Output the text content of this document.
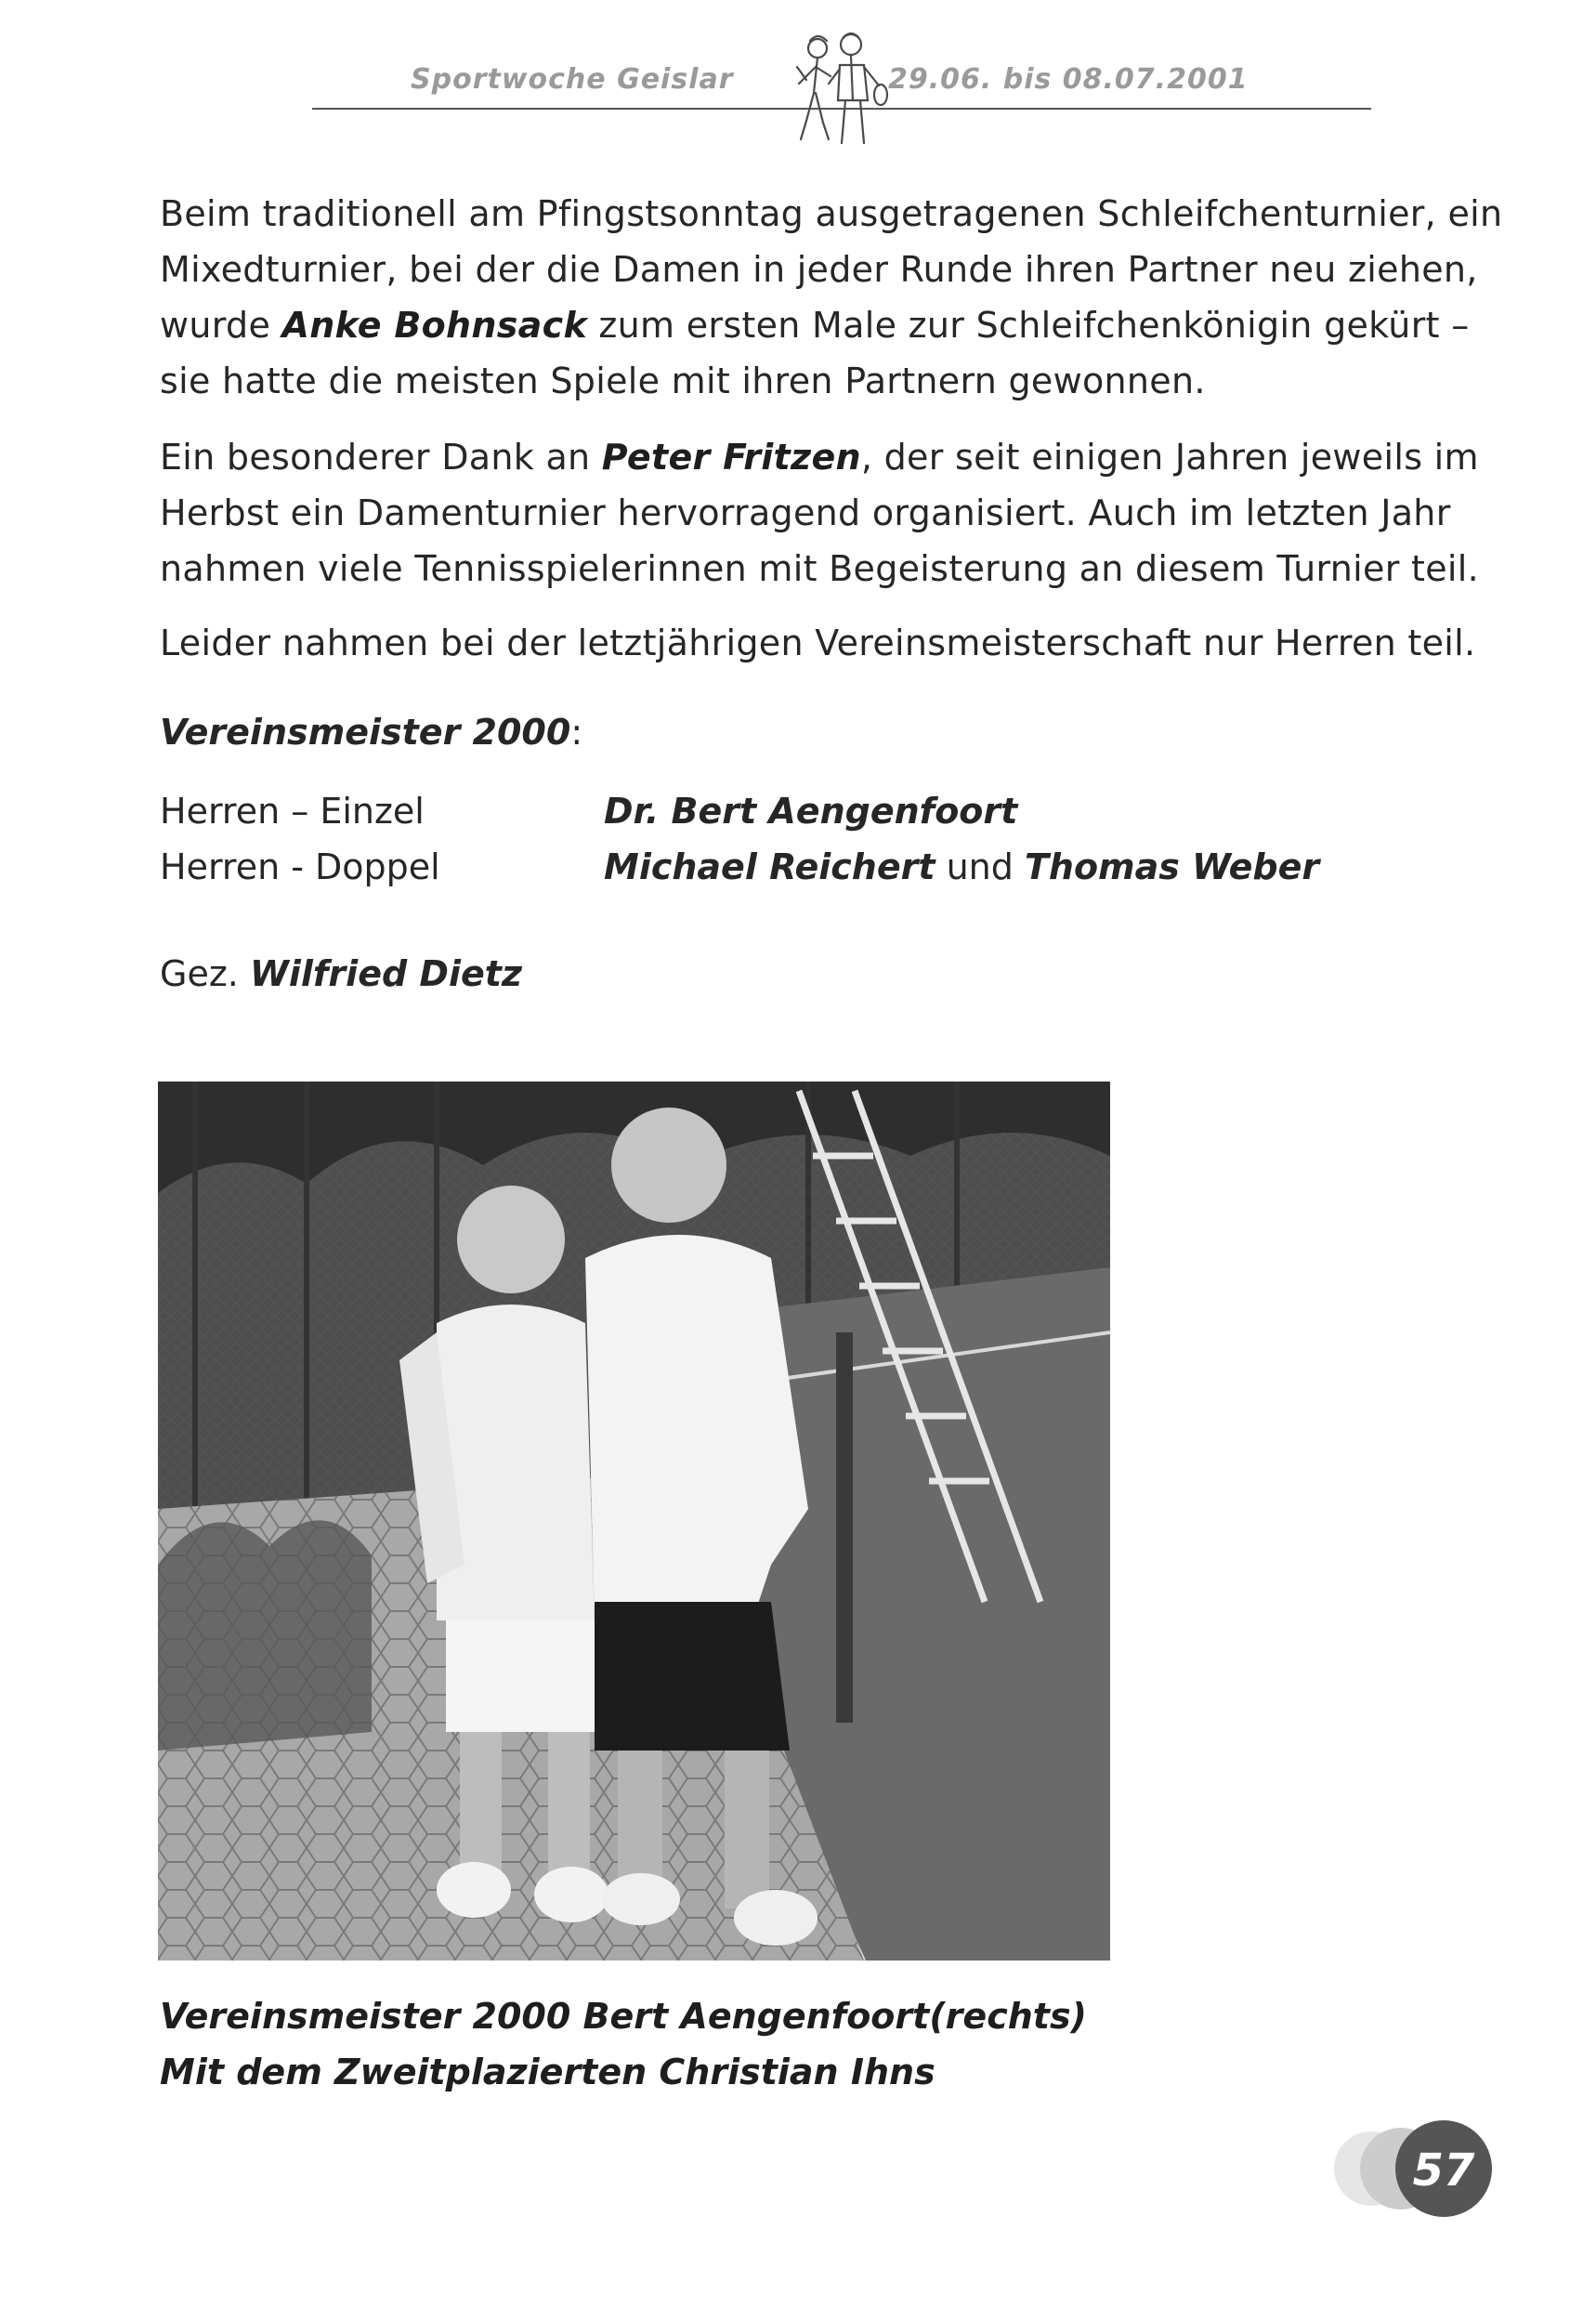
Sportwoche Geislar	29.06. bis 08.07.2001

Beim traditionell am Pfingstsonntag ausgetragenen Schleifchenturnier, ein Mixedturnier, bei der die Damen in jeder Runde ihren Partner neu ziehen, wurde Anke Bohnsack zum ersten Male zur Schleifchenkönigin gekürt – sie hatte die meisten Spiele mit ihren Partnern gewonnen.

Ein besonderer Dank an Peter Fritzen, der seit einigen Jahren jeweils im Herbst ein Damenturnier hervorragend organisiert. Auch im letzten Jahr nahmen viele Tennisspielerinnen mit Begeisterung an diesem Turnier teil.

Leider nahmen bei der letztjährigen Vereinsmeisterschaft nur Herren teil.

Vereinsmeister 2000:
Herren – Einzel	Dr. Bert Aengenfoort
Herren - Doppel	Michael Reichert und Thomas Weber
Gez. Wilfried Dietz
Vereinsmeister 2000 Bert Aengenfoort(rechts)
Mit dem Zweitplazierten Christian Ihns
57
